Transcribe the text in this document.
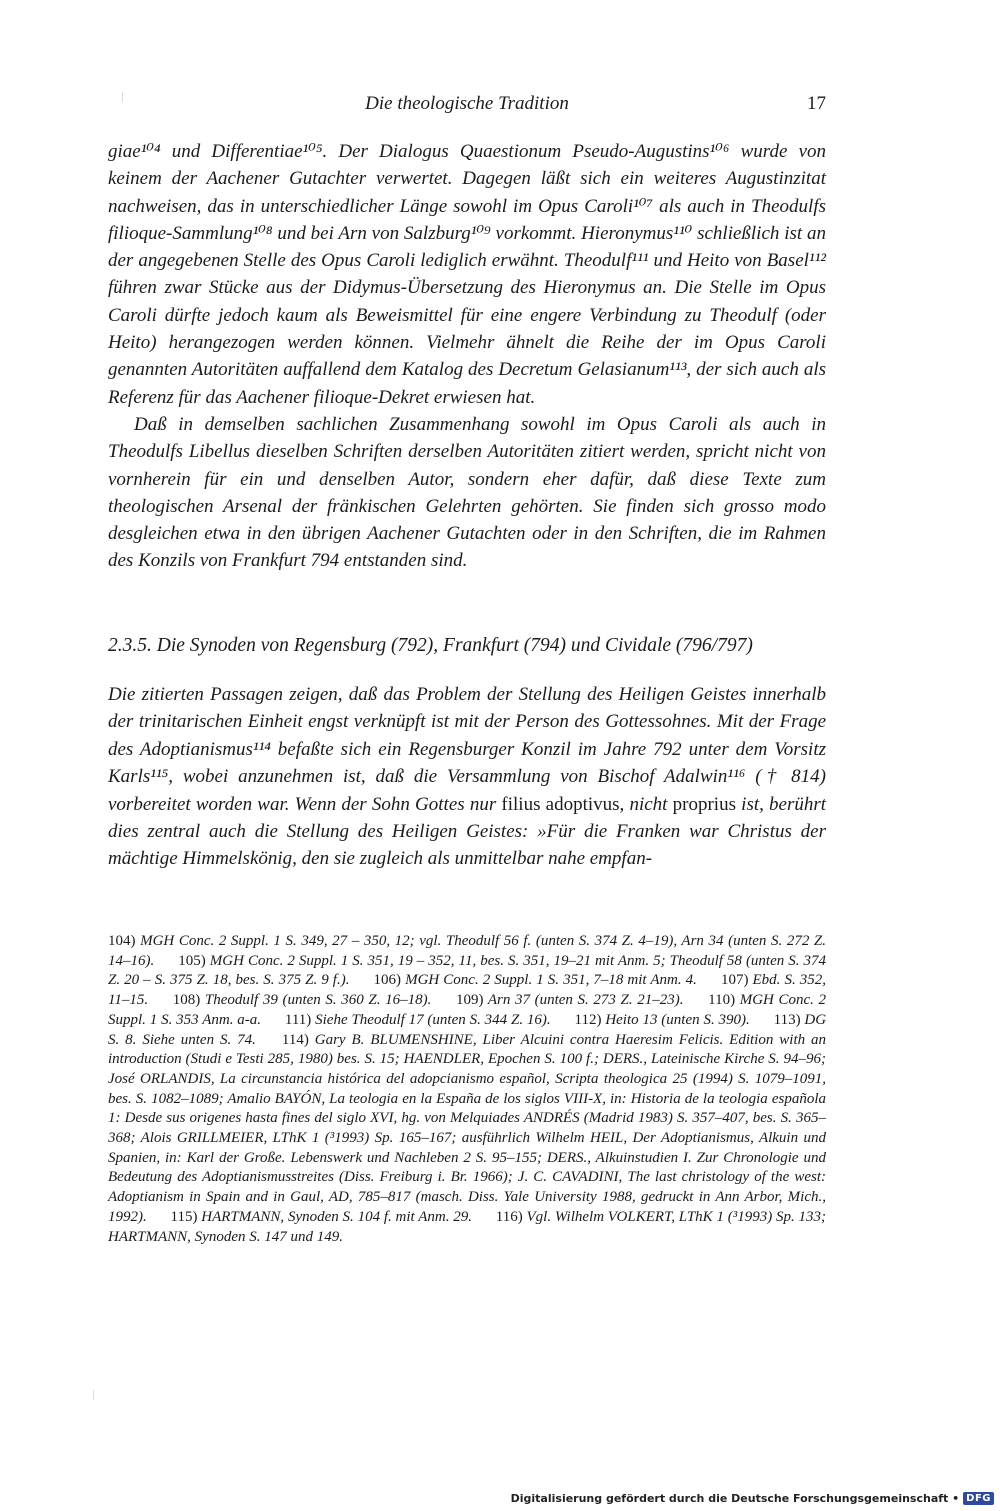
Die theologische Tradition	17

giae¹⁰⁴ und Differentiae¹⁰⁵. Der Dialogus Quaestionum Pseudo-Augustins¹⁰⁶ wurde von keinem der Aachener Gutachter verwertet. Dagegen läßt sich ein weiteres Augustinzitat nachweisen, das in unterschiedlicher Länge sowohl im Opus Caroli¹⁰⁷ als auch in Theodulfs filioque-Sammlung¹⁰⁸ und bei Arn von Salzburg¹⁰⁹ vorkommt. Hieronymus¹¹⁰ schließlich ist an der angegebenen Stelle des Opus Caroli lediglich erwähnt. Theodulf¹¹¹ und Heito von Basel¹¹² führen zwar Stücke aus der Didymus-Übersetzung des Hieronymus an. Die Stelle im Opus Caroli dürfte jedoch kaum als Beweismittel für eine engere Verbindung zu Theodulf (oder Heito) herangezogen werden können. Vielmehr ähnelt die Reihe der im Opus Caroli genannten Autoritäten auffallend dem Katalog des Decretum Gelasianum¹¹³, der sich auch als Referenz für das Aachener filioque-Dekret erwiesen hat.

Daß in demselben sachlichen Zusammenhang sowohl im Opus Caroli als auch in Theodulfs Libellus dieselben Schriften derselben Autoritäten zitiert werden, spricht nicht von vornherein für ein und denselben Autor, sondern eher dafür, daß diese Texte zum theologischen Arsenal der fränkischen Gelehrten gehörten. Sie finden sich grosso modo desgleichen etwa in den übrigen Aachener Gutachten oder in den Schriften, die im Rahmen des Konzils von Frankfurt 794 entstanden sind.

2.3.5. Die Synoden von Regensburg (792), Frankfurt (794) und Cividale (796/797)

Die zitierten Passagen zeigen, daß das Problem der Stellung des Heiligen Geistes innerhalb der trinitarischen Einheit engst verknüpft ist mit der Person des Gottessohnes. Mit der Frage des Adoptianismus¹¹⁴ befaßte sich ein Regensburger Konzil im Jahre 792 unter dem Vorsitz Karls¹¹⁵, wobei anzunehmen ist, daß die Versammlung von Bischof Adalwin¹¹⁶ († 814) vorbereitet worden war. Wenn der Sohn Gottes nur filius adoptivus, nicht proprius ist, berührt dies zentral auch die Stellung des Heiligen Geistes: »Für die Franken war Christus der mächtige Himmelskönig, den sie zugleich als unmittelbar nahe empfan-

104) MGH Conc. 2 Suppl. 1 S. 349, 27 – 350, 12; vgl. Theodulf 56 f. (unten S. 374 Z. 4–19), Arn 34 (unten S. 272 Z. 14–16). 105) MGH Conc. 2 Suppl. 1 S. 351, 19 – 352, 11, bes. S. 351, 19–21 mit Anm. 5; Theodulf 58 (unten S. 374 Z. 20 – S. 375 Z. 18, bes. S. 375 Z. 9 f.). 106) MGH Conc. 2 Suppl. 1 S. 351, 7–18 mit Anm. 4. 107) Ebd. S. 352, 11–15. 108) Theodulf 39 (unten S. 360 Z. 16–18). 109) Arn 37 (unten S. 273 Z. 21–23). 110) MGH Conc. 2 Suppl. 1 S. 353 Anm. a-a. 111) Siehe Theodulf 17 (unten S. 344 Z. 16). 112) Heito 13 (unten S. 390). 113) DG S. 8. Siehe unten S. 74. 114) Gary B. BLUMENSHINE, Liber Alcuini contra Haeresim Felicis. Edition with an introduction (Studi e Testi 285, 1980) bes. S. 15; HAENDLER, Epochen S. 100 f.; DERS., Lateinische Kirche S. 94–96; José ORLANDIS, La circunstancia histórica del adopcianismo español, Scripta theologica 25 (1994) S. 1079–1091, bes. S. 1082–1089; Amalio BAYÓN, La teologia en la España de los siglos VIII-X, in: Historia de la teologia española 1: Desde sus origenes hasta fines del siglo XVI, hg. von Melquiades ANDRÉS (Madrid 1983) S. 357–407, bes. S. 365–368; Alois GRILLMEIER, LThK 1 (³1993) Sp. 165–167; ausführlich Wilhelm HEIL, Der Adoptianismus, Alkuin und Spanien, in: Karl der Große. Lebenswerk und Nachleben 2 S. 95–155; DERS., Alkuinstudien I. Zur Chronologie und Bedeutung des Adoptianismusstreites (Diss. Freiburg i. Br. 1966); J. C. CAVADINI, The last christology of the west: Adoptianism in Spain and in Gaul, AD, 785–817 (masch. Diss. Yale University 1988, gedruckt in Ann Arbor, Mich., 1992). 115) HARTMANN, Synoden S. 104 f. mit Anm. 29. 116) Vgl. Wilhelm VOLKERT, LThK 1 (³1993) Sp. 133; HARTMANN, Synoden S. 147 und 149.
Digitalisierung gefördert durch die Deutsche Forschungsgemeinschaft • DFG
